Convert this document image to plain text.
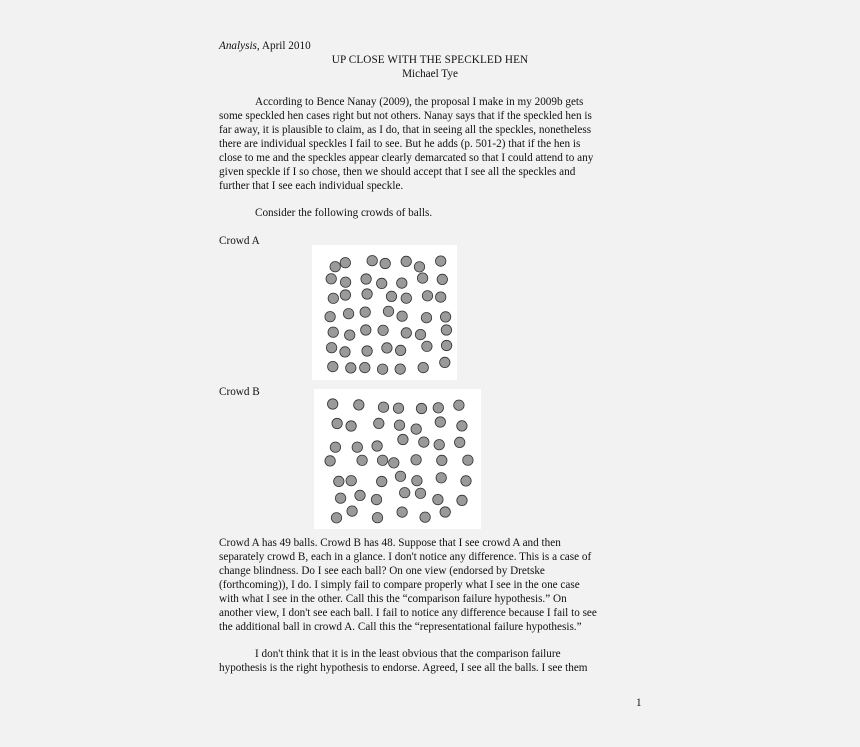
Analysis, April 2010
UP CLOSE WITH THE SPECKLED HEN
Michael Tye
According to Bence Nanay (2009), the proposal I make in my 2009b gets
some speckled hen cases right but not others. Nanay says that if the speckled hen is
far away, it is plausible to claim, as I do, that in seeing all the speckles, nonetheless
there are individual speckles I fail to see. But he adds (p. 501-2) that if the hen is
close to me and the speckles appear clearly demarcated so that I could attend to any
given speckle if I so chose, then we should accept that I see all the speckles and
further that I see each individual speckle.
Consider the following crowds of balls.
Crowd A
Crowd B
Crowd A has 49 balls. Crowd B has 48. Suppose that I see crowd A and then
separately crowd B, each in a glance. I don't notice any difference. This is a case of
change blindness. Do I see each ball? On one view (endorsed by Dretske
(forthcoming)), I do. I simply fail to compare properly what I see in the one case
with what I see in the other. Call this the “comparison failure hypothesis.” On
another view, I don't see each ball. I fail to notice any difference because I fail to see
the additional ball in crowd A. Call this the “representational failure hypothesis.”
I don't think that it is in the least obvious that the comparison failure
hypothesis is the right hypothesis to endorse. Agreed, I see all the balls. I see them
1
